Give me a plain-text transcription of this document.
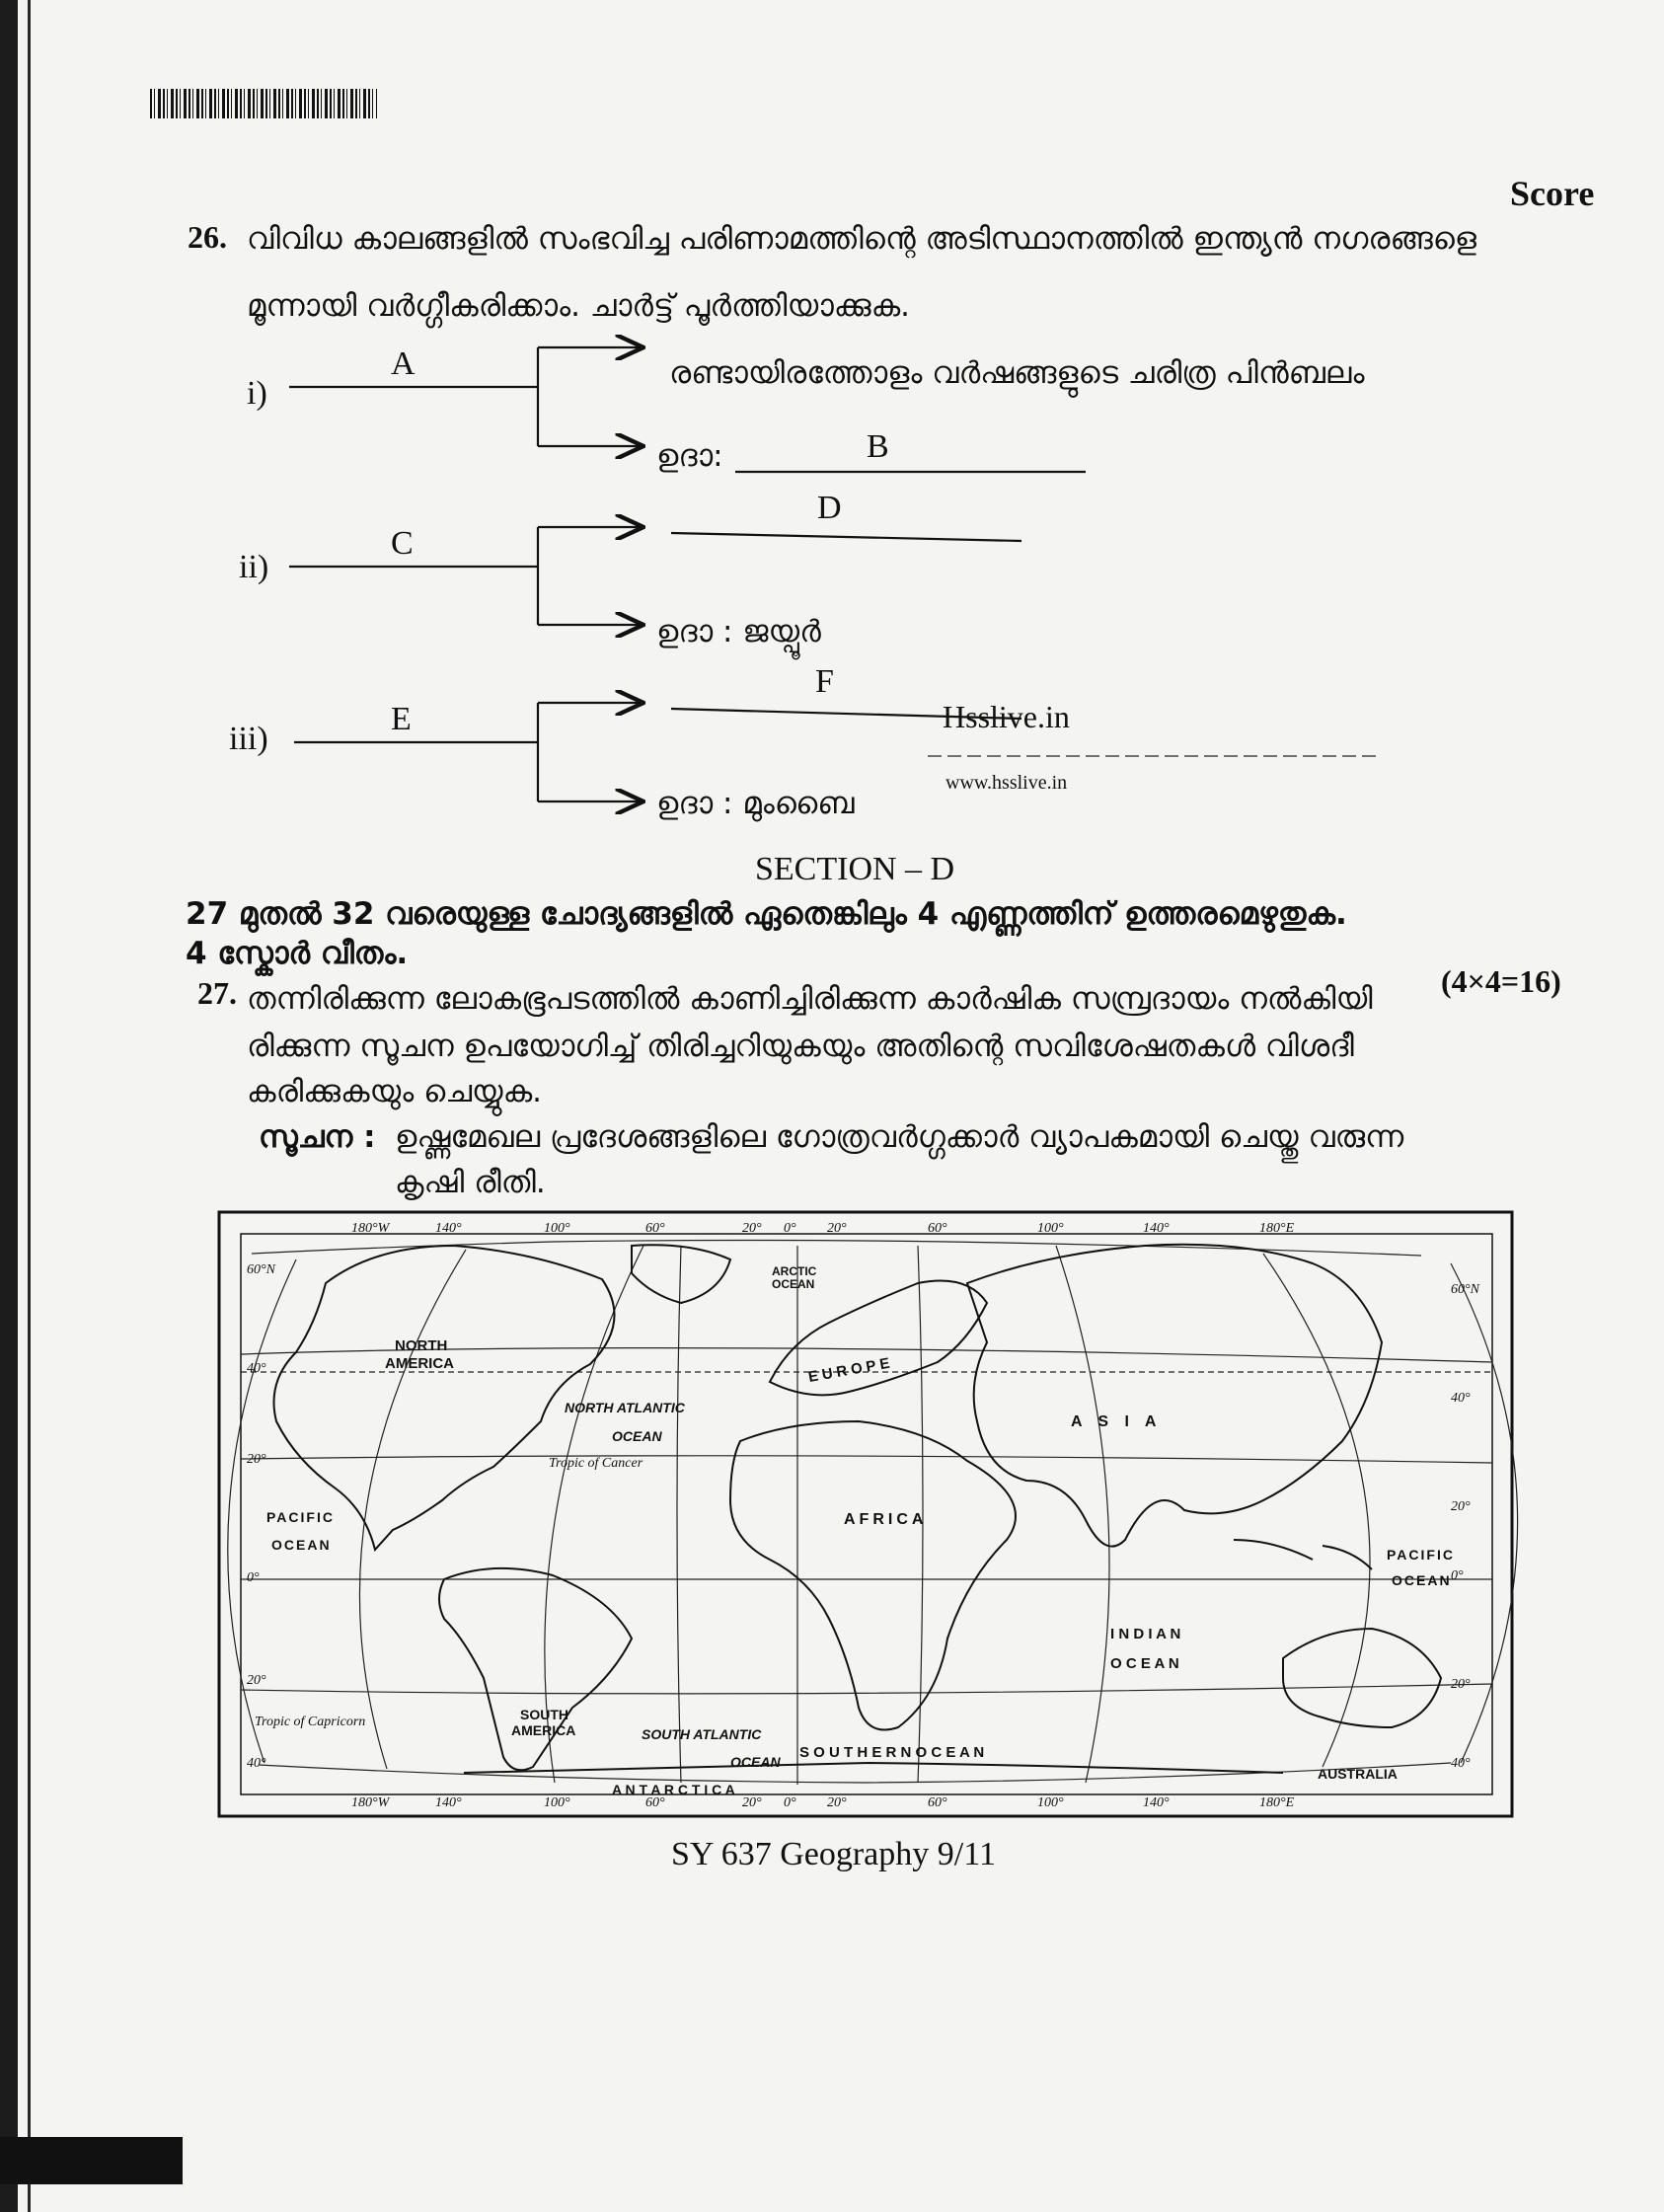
Score
26. വിവിധ കാലങ്ങളിൽ സംഭവിച്ച പരിണാമത്തിന്റെ അടിസ്ഥാനത്തിൽ ഇന്ത്യൻ നഗരങ്ങളെ
മൂന്നായി വർഗ്ഗീകരിക്കാം. ചാർട്ട് പൂർത്തിയാക്കുക.
i)
A	രണ്ടായിരത്തോളം വർഷങ്ങളുടെ ചരിത്ര പിൻബലം
ഉദാ:	B
ii)
C
D
ഉദാ : ജയ്പൂർ
iii)
E
F
ഉദാ : മുംബൈ
Hsslive.in
www.hsslive.in
SECTION – D
27 മുതൽ 32 വരെയുള്ള ചോദ്യങ്ങളിൽ ഏതെങ്കിലും 4 എണ്ണത്തിന് ഉത്തരമെഴുതുക.
4 സ്കോർ വീതം.
(4×4=16)
27. തന്നിരിക്കുന്ന ലോകഭൂപടത്തിൽ കാണിച്ചിരിക്കുന്ന കാർഷിക സമ്പ്രദായം നൽകിയി
രിക്കുന്ന സൂചന ഉപയോഗിച്ച് തിരിച്ചറിയുകയും അതിന്റെ സവിശേഷതകൾ വിശദീ
കരിക്കുകയും ചെയ്യുക.
സൂചന : ഉഷ്ണമേഖല പ്രദേശങ്ങളിലെ ഗോത്രവർഗ്ഗക്കാർ വ്യാപകമായി ചെയ്തു വരുന്ന
കൃഷി രീതി.
180°W	140°	100°	60°	20° 0° 20°	60°	100°	140°	180°E
180°W	140°	100°	60°	20° 0° 20°	60°	100°	140°	180°E
60°N
40°
20°
0°
20°
40°
60°N
40°
20°
0°
20°
40°
NORTH
AMERICA
SOUTH
AMERICA
EUROPE
A S I A
AFRICA
AUSTRALIA
ARCTIC
OCEAN
NORTH ATLANTIC
OCEAN
SOUTH ATLANTIC
OCEAN
PACIFIC
OCEAN
PACIFIC
OCEAN
I N D I A N
O C E A N
S O U T H E R N O C E A N
A N T A R C T I C A
Tropic of Cancer
Tropic of Capricorn
SY 637 Geography 9/11
